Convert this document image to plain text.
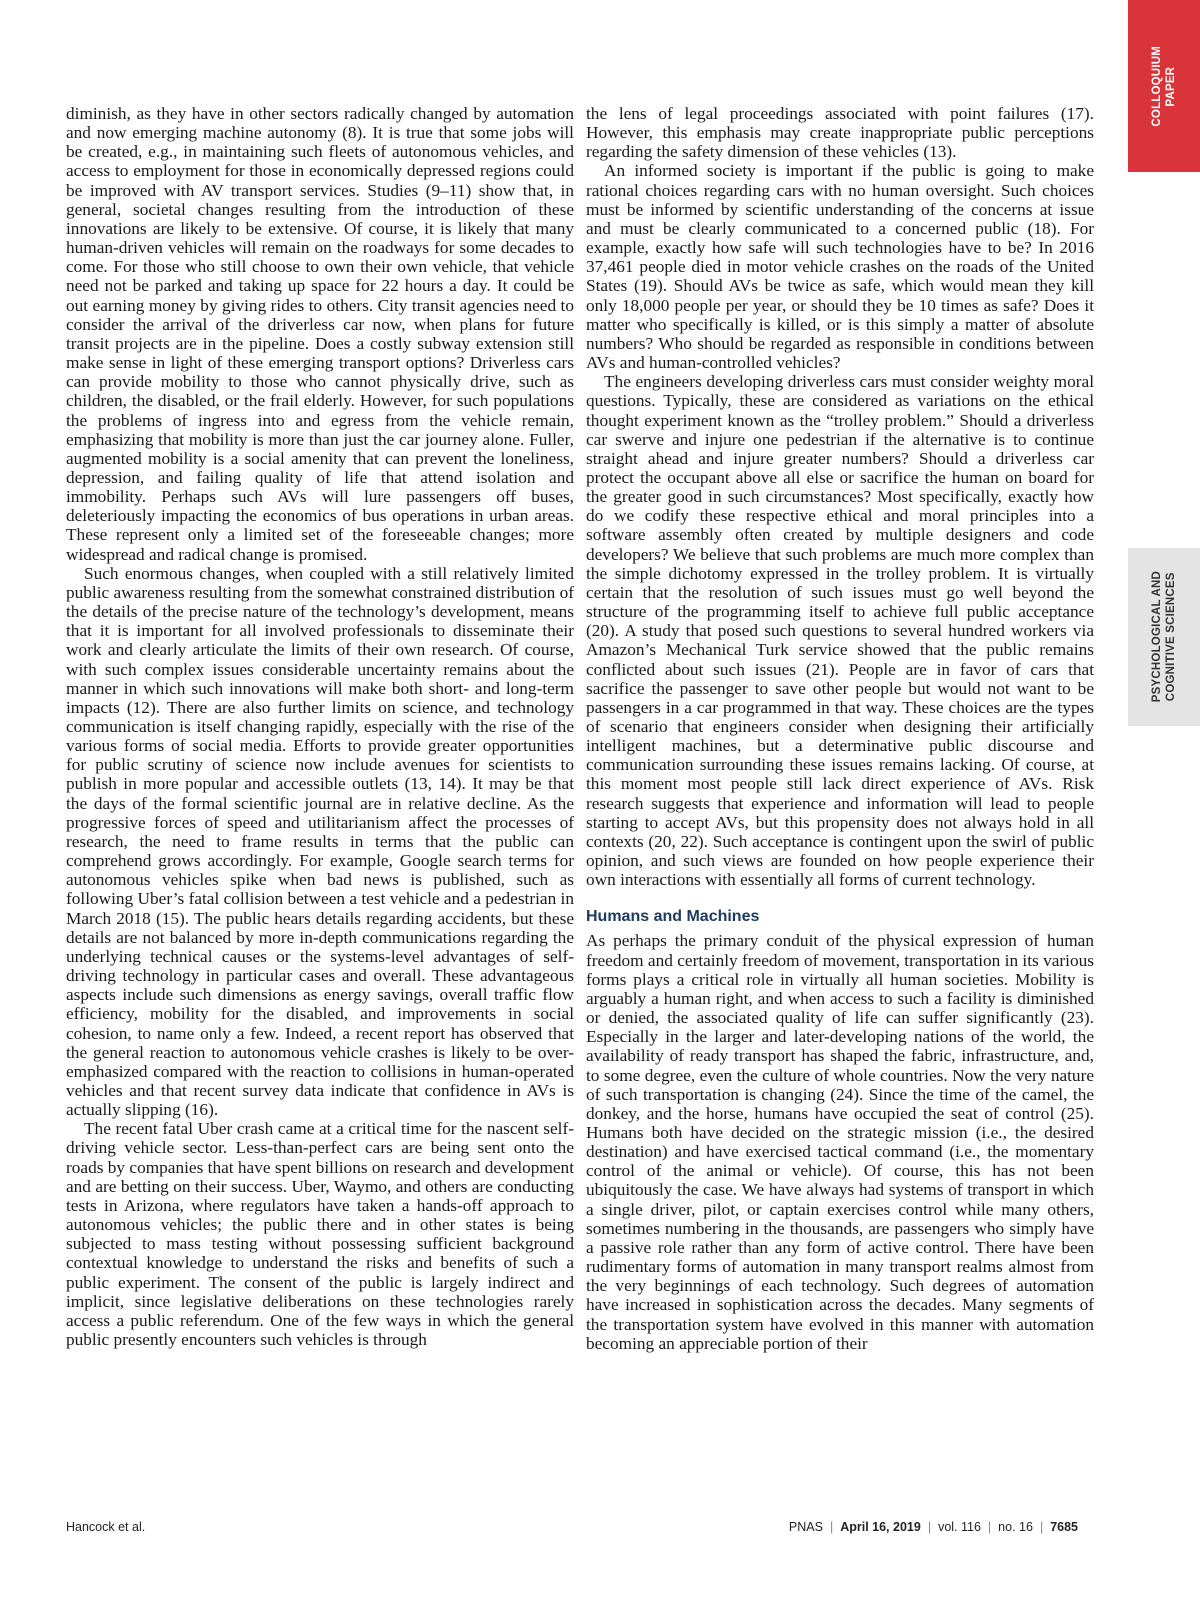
COLLOQUIUM
PAPER
PSYCHOLOGICAL AND
COGNITIVE SCIENCES

diminish, as they have in other sectors radically changed by automation and now emerging machine autonomy (8). It is true that some jobs will be created, e.g., in maintaining such fleets of autonomous vehicles, and access to employment for those in economically depressed regions could be improved with AV transport services. Studies (9–11) show that, in general, societal changes resulting from the introduction of these innovations are likely to be extensive. Of course, it is likely that many human-driven vehicles will remain on the roadways for some decades to come. For those who still choose to own their own vehicle, that vehicle need not be parked and taking up space for 22 hours a day. It could be out earning money by giving rides to others. City transit agencies need to consider the arrival of the driverless car now, when plans for future transit projects are in the pipeline. Does a costly subway extension still make sense in light of these emerging transport options? Driverless cars can provide mobility to those who cannot physically drive, such as children, the disabled, or the frail elderly. However, for such populations the problems of ingress into and egress from the vehicle remain, emphasizing that mobility is more than just the car journey alone. Fuller, augmented mobility is a social amenity that can prevent the loneliness, depression, and failing quality of life that attend isolation and immobility. Perhaps such AVs will lure passengers off buses, deleteriously impacting the economics of bus operations in urban areas. These represent only a limited set of the foreseeable changes; more widespread and radical change is promised.

Such enormous changes, when coupled with a still relatively limited public awareness resulting from the somewhat constrained distribution of the details of the precise nature of the technology’s development, means that it is important for all involved professionals to disseminate their work and clearly articulate the limits of their own research. Of course, with such complex issues considerable uncertainty remains about the manner in which such innovations will make both short- and long-term impacts (12). There are also further limits on science, and technology communication is itself changing rapidly, especially with the rise of the various forms of social media. Efforts to provide greater opportunities for public scrutiny of science now include avenues for scientists to publish in more popular and accessible outlets (13, 14). It may be that the days of the formal scientific journal are in relative decline. As the progressive forces of speed and utilitarianism affect the processes of research, the need to frame results in terms that the public can comprehend grows accordingly. For example, Google search terms for autonomous vehicles spike when bad news is published, such as following Uber’s fatal collision between a test vehicle and a pedestrian in March 2018 (15). The public hears details regarding accidents, but these details are not balanced by more in-depth communications regarding the underlying technical causes or the systems-level advantages of self-driving technology in particular cases and overall. These advantageous aspects include such dimensions as energy savings, overall traffic flow efficiency, mobility for the disabled, and improvements in social cohesion, to name only a few. Indeed, a recent report has observed that the general reaction to autonomous vehicle crashes is likely to be over-emphasized compared with the reaction to collisions in human-operated vehicles and that recent survey data indicate that confidence in AVs is actually slipping (16).

The recent fatal Uber crash came at a critical time for the nascent self-driving vehicle sector. Less-than-perfect cars are being sent onto the roads by companies that have spent billions on research and development and are betting on their success. Uber, Waymo, and others are conducting tests in Arizona, where regulators have taken a hands-off approach to autonomous vehicles; the public there and in other states is being subjected to mass testing without possessing sufficient background contextual knowledge to understand the risks and benefits of such a public experiment. The consent of the public is largely indirect and implicit, since legislative deliberations on these technologies rarely access a public referendum. One of the few ways in which the general public presently encounters such vehicles is through

the lens of legal proceedings associated with point failures (17). However, this emphasis may create inappropriate public perceptions regarding the safety dimension of these vehicles (13).

An informed society is important if the public is going to make rational choices regarding cars with no human oversight. Such choices must be informed by scientific understanding of the concerns at issue and must be clearly communicated to a concerned public (18). For example, exactly how safe will such technologies have to be? In 2016 37,461 people died in motor vehicle crashes on the roads of the United States (19). Should AVs be twice as safe, which would mean they kill only 18,000 people per year, or should they be 10 times as safe? Does it matter who specifically is killed, or is this simply a matter of absolute numbers? Who should be regarded as responsible in conditions between AVs and human-controlled vehicles?

The engineers developing driverless cars must consider weighty moral questions. Typically, these are considered as variations on the ethical thought experiment known as the “trolley problem.” Should a driverless car swerve and injure one pedestrian if the alternative is to continue straight ahead and injure greater numbers? Should a driverless car protect the occupant above all else or sacrifice the human on board for the greater good in such circumstances? Most specifically, exactly how do we codify these respective ethical and moral principles into a software assembly often created by multiple designers and code developers? We believe that such problems are much more complex than the simple dichotomy expressed in the trolley problem. It is virtually certain that the resolution of such issues must go well beyond the structure of the programming itself to achieve full public acceptance (20). A study that posed such questions to several hundred workers via Amazon’s Mechanical Turk service showed that the public remains conflicted about such issues (21). People are in favor of cars that sacrifice the passenger to save other people but would not want to be passengers in a car programmed in that way. These choices are the types of scenario that engineers consider when designing their artificially intelligent machines, but a determinative public discourse and communication surrounding these issues remains lacking. Of course, at this moment most people still lack direct experience of AVs. Risk research suggests that experience and information will lead to people starting to accept AVs, but this propensity does not always hold in all contexts (20, 22). Such acceptance is contingent upon the swirl of public opinion, and such views are founded on how people experience their own interactions with essentially all forms of current technology.

Humans and Machines

As perhaps the primary conduit of the physical expression of human freedom and certainly freedom of movement, transportation in its various forms plays a critical role in virtually all human societies. Mobility is arguably a human right, and when access to such a facility is diminished or denied, the associated quality of life can suffer significantly (23). Especially in the larger and later-developing nations of the world, the availability of ready transport has shaped the fabric, infrastructure, and, to some degree, even the culture of whole countries. Now the very nature of such transportation is changing (24). Since the time of the camel, the donkey, and the horse, humans have occupied the seat of control (25). Humans both have decided on the strategic mission (i.e., the desired destination) and have exercised tactical command (i.e., the momentary control of the animal or vehicle). Of course, this has not been ubiquitously the case. We have always had systems of transport in which a single driver, pilot, or captain exercises control while many others, sometimes numbering in the thousands, are passengers who simply have a passive role rather than any form of active control. There have been rudimentary forms of automation in many transport realms almost from the very beginnings of each technology. Such degrees of automation have increased in sophistication across the decades. Many segments of the transportation system have evolved in this manner with automation becoming an appreciable portion of their

Hancock et al.	PNAS | April 16, 2019 | vol. 116 | no. 16 | 7685
